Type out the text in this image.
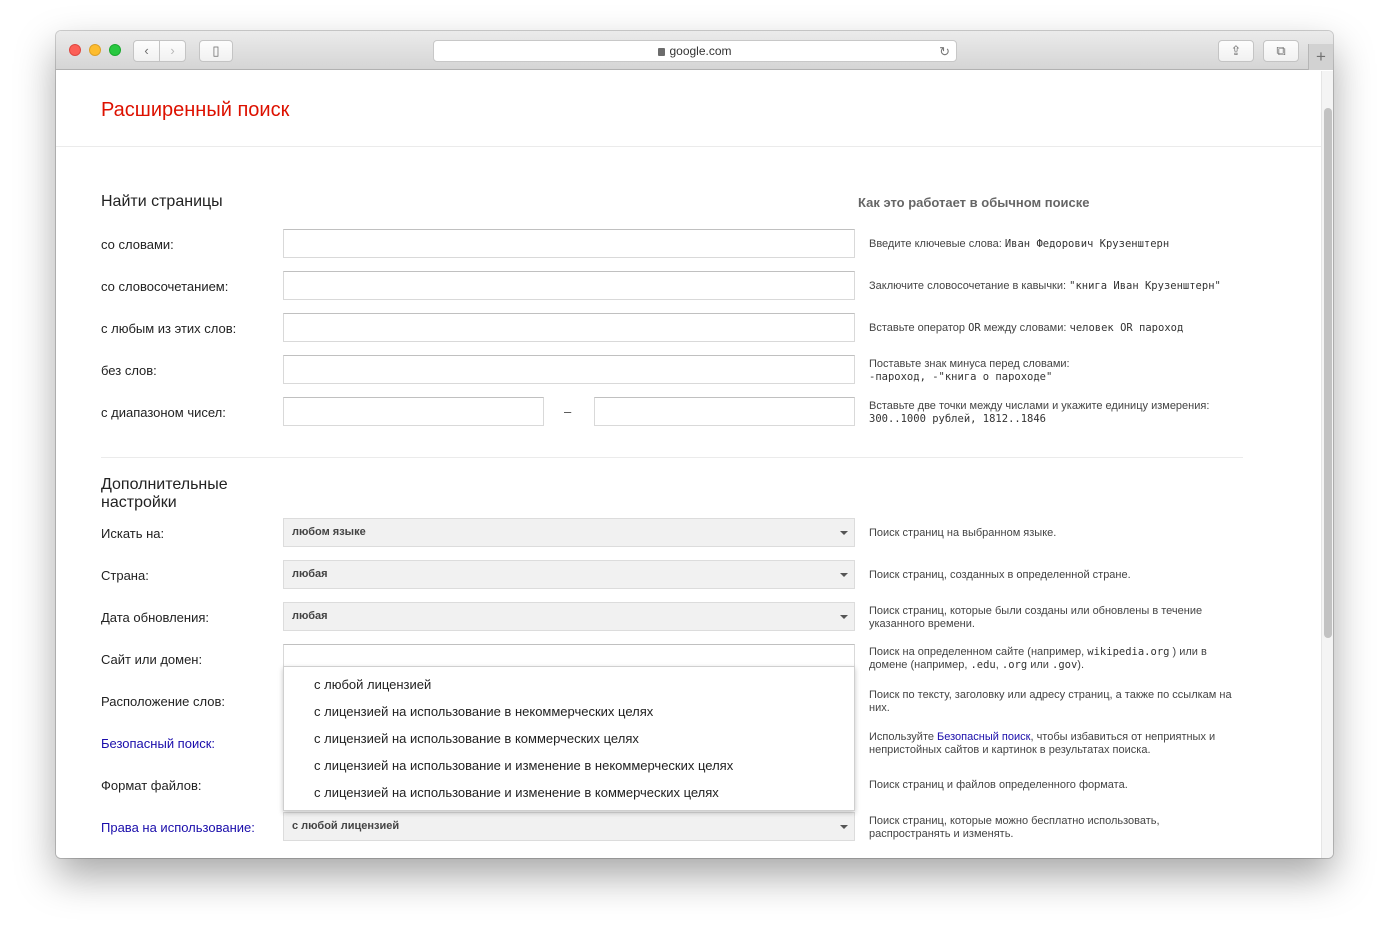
‹	›	▯	google.com	↻	⇪	⧉	+
Расширенный поиск
Найти страницы	Как это работает в обычном поиске
со словами:	Введите ключевые слова: Иван Федорович Крузенштерн
со словосочетанием:	Заключите словосочетание в кавычки: "книга Иван Крузенштерн"
с любым из этих слов:	Вставьте оператор OR между словами: человек OR пароход
без слов:	Поставьте знак минуса перед словами:
-пароход, -"книга о пароходе"
с диапазоном чисел:	–	Вставьте две точки между числами и укажите единицу измерения:
300..1000 рублей, 1812..1846
Дополнительные настройки
Искать на:	любом языке	Поиск страниц на выбранном языке.
Страна:	любая	Поиск страниц, созданных в определенной стране.
Дата обновления:	любая	Поиск страниц, которые были созданы или обновлены в течение указанного времени.
Сайт или домен:	Поиск на определенном сайте (например, wikipedia.org ) или в домене (например, .edu, .org или .gov).
Расположение слов:	Поиск по тексту, заголовку или адресу страниц, а также по ссылкам на них.
Безопасный поиск:	Используйте Безопасный поиск, чтобы избавиться от неприятных и непристойных сайтов и картинок в результатах поиска.
Формат файлов:	Поиск страниц и файлов определенного формата.
Права на использование:	с любой лицензией	Поиск страниц, которые можно бесплатно использовать, распространять и изменять.
с любой лицензией
с лицензией на использование в некоммерческих целях
с лицензией на использование в коммерческих целях
с лицензией на использование и изменение в некоммерческих целях
с лицензией на использование и изменение в коммерческих целях
